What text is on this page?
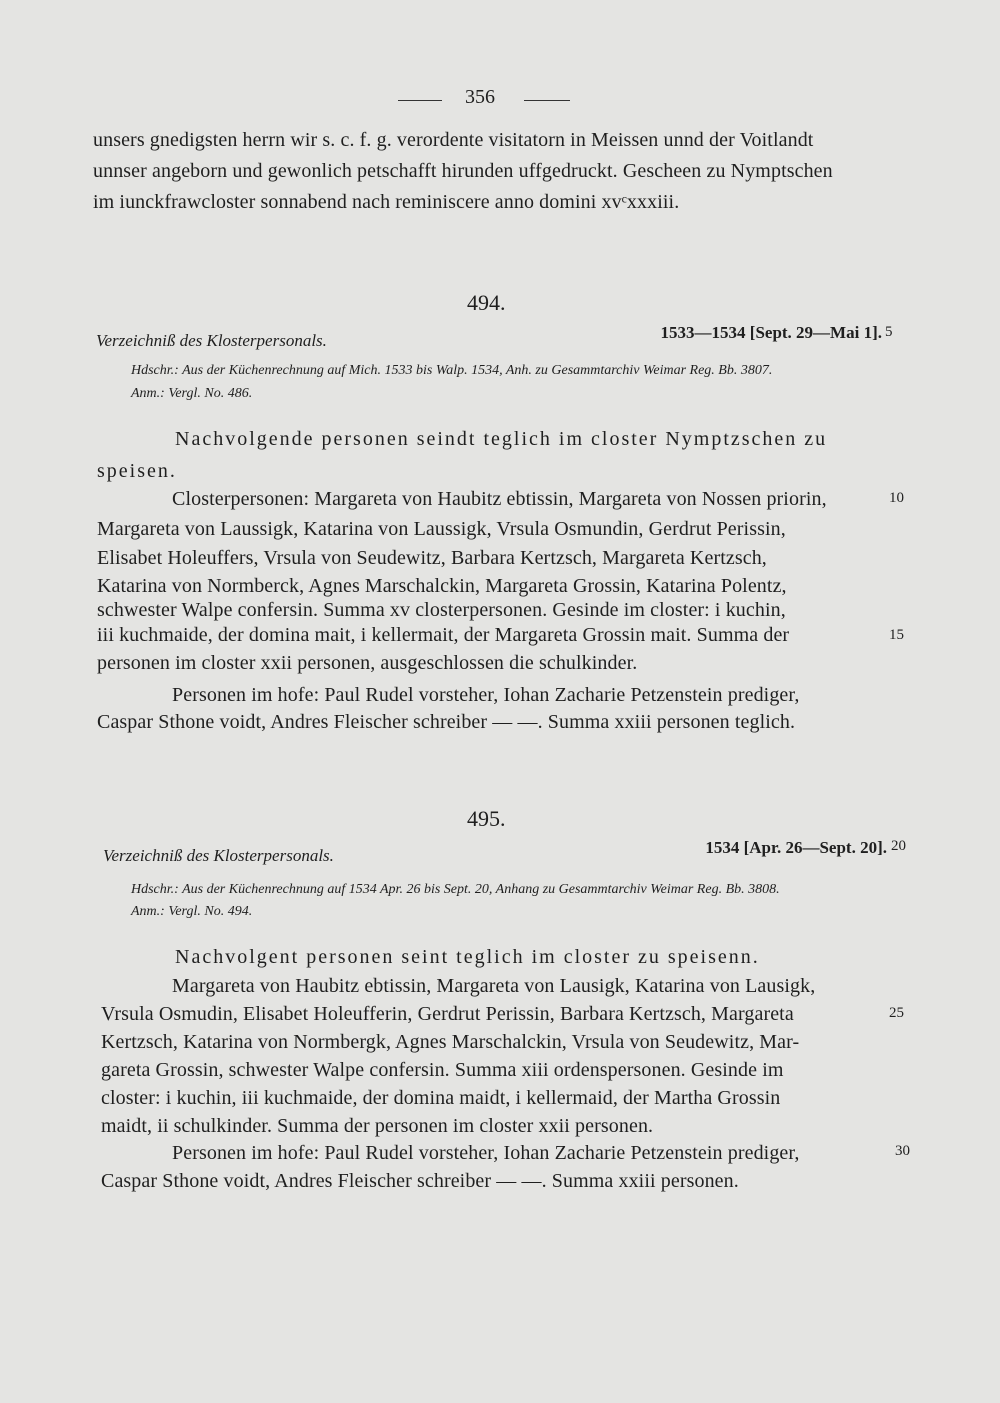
356
unsers gnedigsten herrn wir s. c. f. g. verordente visitatorn in Meissen unnd der Voitlandt
unnser angeborn und gewonlich petschafft hirunden uffgedruckt. Gescheen zu Nymptschen
im iunckfrawcloster sonnabend nach reminiscere anno domini xvᶜxxxiii.
494.
Verzeichniß des Klosterpersonals.	1533—1534 [Sept. 29—Mai 1]. 5
Hdschr.: Aus der Küchenrechnung auf Mich. 1533 bis Walp. 1534, Anh. zu Gesammtarchiv Weimar Reg. Bb. 3807.
Anm.: Vergl. No. 486.
Nachvolgende personen seindt teglich im closter Nymptzschen zu
speisen.
Closterpersonen: Margareta von Haubitz ebtissin, Margareta von Nossen priorin,	10
Margareta von Laussigk, Katarina von Laussigk, Vrsula Osmundin, Gerdrut Perissin,
Elisabet Holeuffers, Vrsula von Seudewitz, Barbara Kertzsch, Margareta Kertzsch,
Katarina von Normberck, Agnes Marschalckin, Margareta Grossin, Katarina Polentz,
schwester Walpe confersin. Summa xv closterpersonen. Gesinde im closter: i kuchin,
iii kuchmaide, der domina mait, i kellermait, der Margareta Grossin mait. Summa der	15
personen im closter xxii personen, ausgeschlossen die schulkinder.
Personen im hofe: Paul Rudel vorsteher, Iohan Zacharie Petzenstein prediger,
Caspar Sthone voidt, Andres Fleischer schreiber — —. Summa xxiii personen teglich.
495.
Verzeichniß des Klosterpersonals.	1534 [Apr. 26—Sept. 20]. 20
Hdschr.: Aus der Küchenrechnung auf 1534 Apr. 26 bis Sept. 20, Anhang zu Gesammtarchiv Weimar Reg. Bb. 3808.
Anm.: Vergl. No. 494.
Nachvolgent personen seint teglich im closter zu speisenn.
Margareta von Haubitz ebtissin, Margareta von Lausigk, Katarina von Lausigk,
Vrsula Osmudin, Elisabet Holeufferin, Gerdrut Perissin, Barbara Kertzsch, Margareta	25
Kertzsch, Katarina von Normbergk, Agnes Marschalckin, Vrsula von Seudewitz, Mar-
gareta Grossin, schwester Walpe confersin. Summa xiii ordenspersonen. Gesinde im
closter: i kuchin, iii kuchmaide, der domina maidt, i kellermaid, der Martha Grossin
maidt, ii schulkinder. Summa der personen im closter xxii personen.
Personen im hofe: Paul Rudel vorsteher, Iohan Zacharie Petzenstein prediger,	30
Caspar Sthone voidt, Andres Fleischer schreiber — —. Summa xxiii personen.
